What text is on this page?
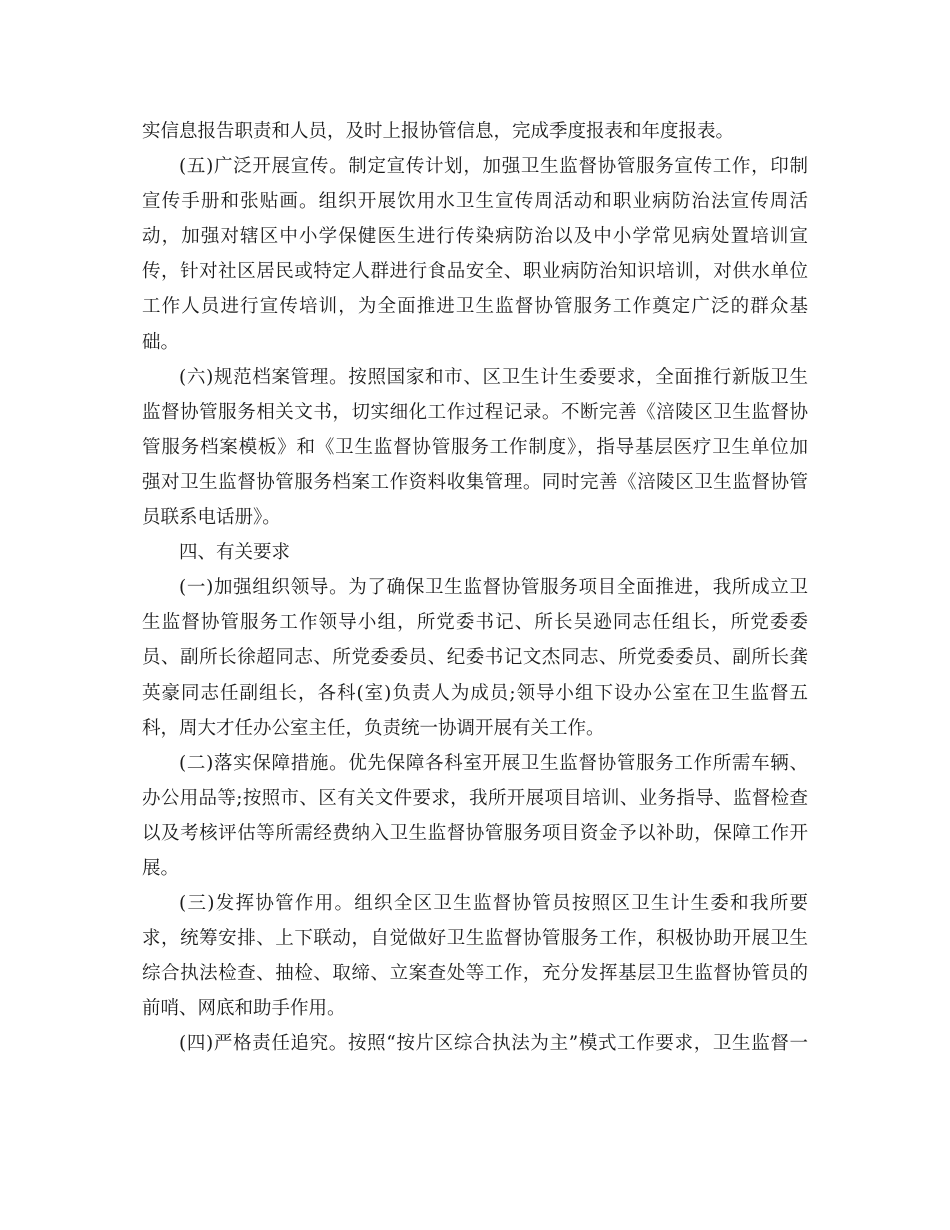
实信息报告职责和人员，及时上报协管信息，完成季度报表和年度报表。
(五)广泛开展宣传。制定宣传计划，加强卫生监督协管服务宣传工作，印制
宣传手册和张贴画。组织开展饮用水卫生宣传周活动和职业病防治法宣传周活
动，加强对辖区中小学保健医生进行传染病防治以及中小学常见病处置培训宣
传，针对社区居民或特定人群进行食品安全、职业病防治知识培训，对供水单位
工作人员进行宣传培训，为全面推进卫生监督协管服务工作奠定广泛的群众基
础。
(六)规范档案管理。按照国家和市、区卫生计生委要求，全面推行新版卫生
监督协管服务相关文书，切实细化工作过程记录。不断完善《涪陵区卫生监督协
管服务档案模板》和《卫生监督协管服务工作制度》，指导基层医疗卫生单位加
强对卫生监督协管服务档案工作资料收集管理。同时完善《涪陵区卫生监督协管
员联系电话册》。
四、有关要求
(一)加强组织领导。为了确保卫生监督协管服务项目全面推进，我所成立卫
生监督协管服务工作领导小组，所党委书记、所长吴逊同志任组长，所党委委
员、副所长徐超同志、所党委委员、纪委书记文杰同志、所党委委员、副所长龚
英豪同志任副组长，各科(室)负责人为成员;领导小组下设办公室在卫生监督五
科，周大才任办公室主任，负责统一协调开展有关工作。
(二)落实保障措施。优先保障各科室开展卫生监督协管服务工作所需车辆、
办公用品等;按照市、区有关文件要求，我所开展项目培训、业务指导、监督检查
以及考核评估等所需经费纳入卫生监督协管服务项目资金予以补助，保障工作开
展。
(三)发挥协管作用。组织全区卫生监督协管员按照区卫生计生委和我所要
求，统筹安排、上下联动，自觉做好卫生监督协管服务工作，积极协助开展卫生
综合执法检查、抽检、取缔、立案查处等工作，充分发挥基层卫生监督协管员的
前哨、网底和助手作用。
(四)严格责任追究。按照“按片区综合执法为主”模式工作要求，卫生监督一
